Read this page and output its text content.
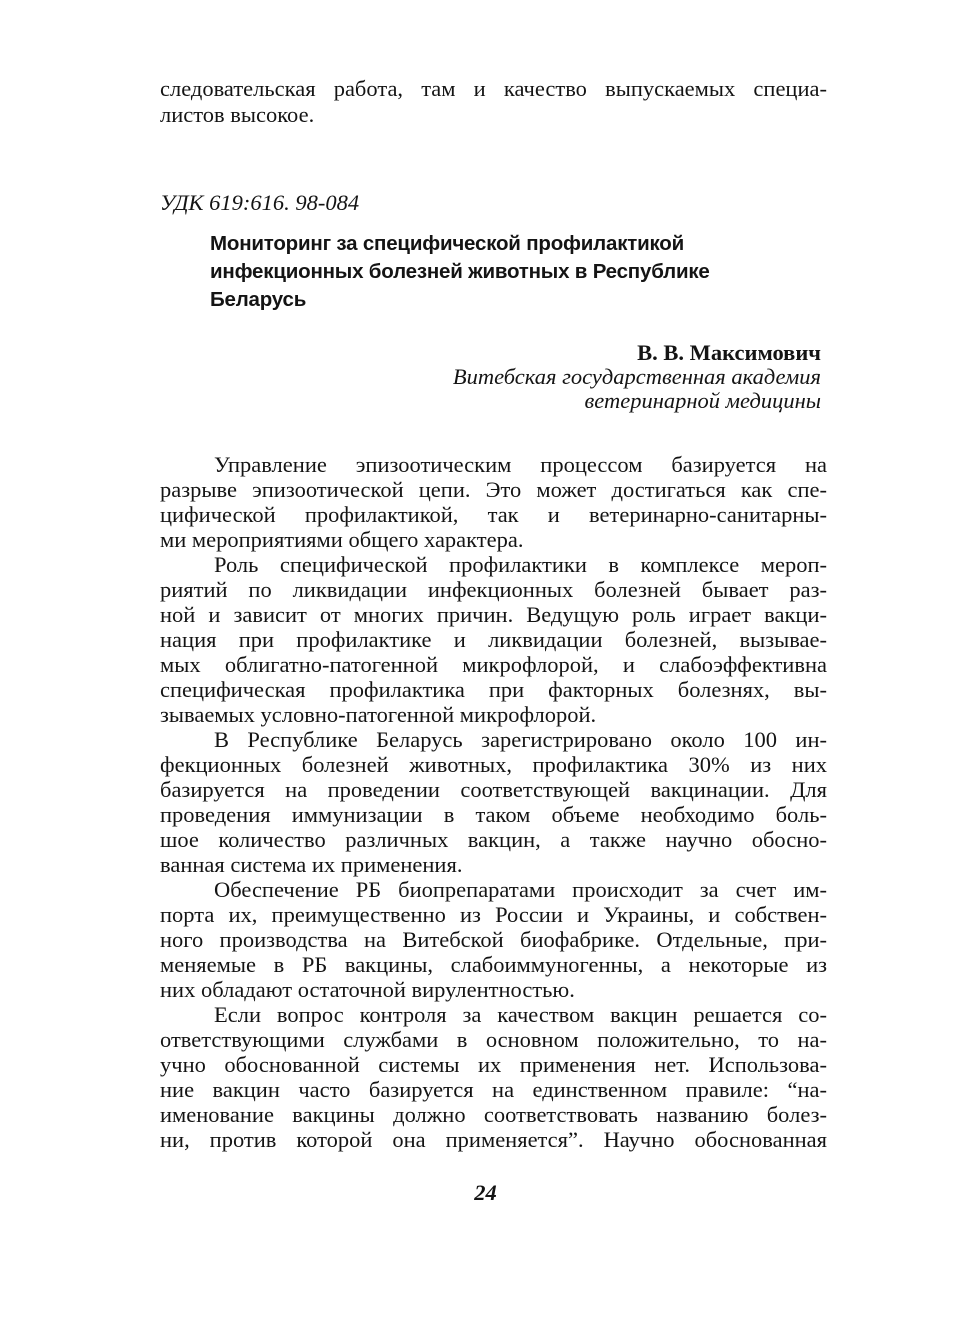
следовательская работа, там и качество выпускаемых специа-
листов высокое.
УДК 619:616. 98-084
Мониторинг за специфической профилактикой
инфекционных болезней животных в Республике
Беларусь
В. В. Максимович
Витебская государственная академия
ветеринарной медицины
Управление эпизоотическим процессом базируется на
разрыве эпизоотической цепи. Это может достигаться как спе-
цифической профилактикой, так и ветеринарно-санитарны-
ми мероприятиями общего характера.
Роль специфической профилактики в комплексе мероп-
риятий по ликвидации инфекционных болезней бывает раз-
ной и зависит от многих причин. Ведущую роль играет вакци-
нация при профилактике и ликвидации болезней, вызывае-
мых облигатно-патогенной микрофлорой, и слабоэффективна
специфическая профилактика при факторных болезнях, вы-
зываемых условно-патогенной микрофлорой.
В Республике Беларусь зарегистрировано около 100 ин-
фекционных болезней животных, профилактика 30% из них
базируется на проведении соответствующей вакцинации. Для
проведения иммунизации в таком объеме необходимо боль-
шое количество различных вакцин, а также научно обосно-
ванная система их применения.
Обеспечение РБ биопрепаратами происходит за счет им-
порта их, преимущественно из России и Украины, и собствен-
ного производства на Витебской биофабрике. Отдельные, при-
меняемые в РБ вакцины, слабоиммуногенны, а некоторые из
них обладают остаточной вирулентностью.
Если вопрос контроля за качеством вакцин решается со-
ответствующими службами в основном положительно, то на-
учно обоснованной системы их применения нет. Использова-
ние вакцин часто базируется на единственном правиле: “на-
именование вакцины должно соответствовать названию болез-
ни, против которой она применяется”. Научно обоснованная
24
